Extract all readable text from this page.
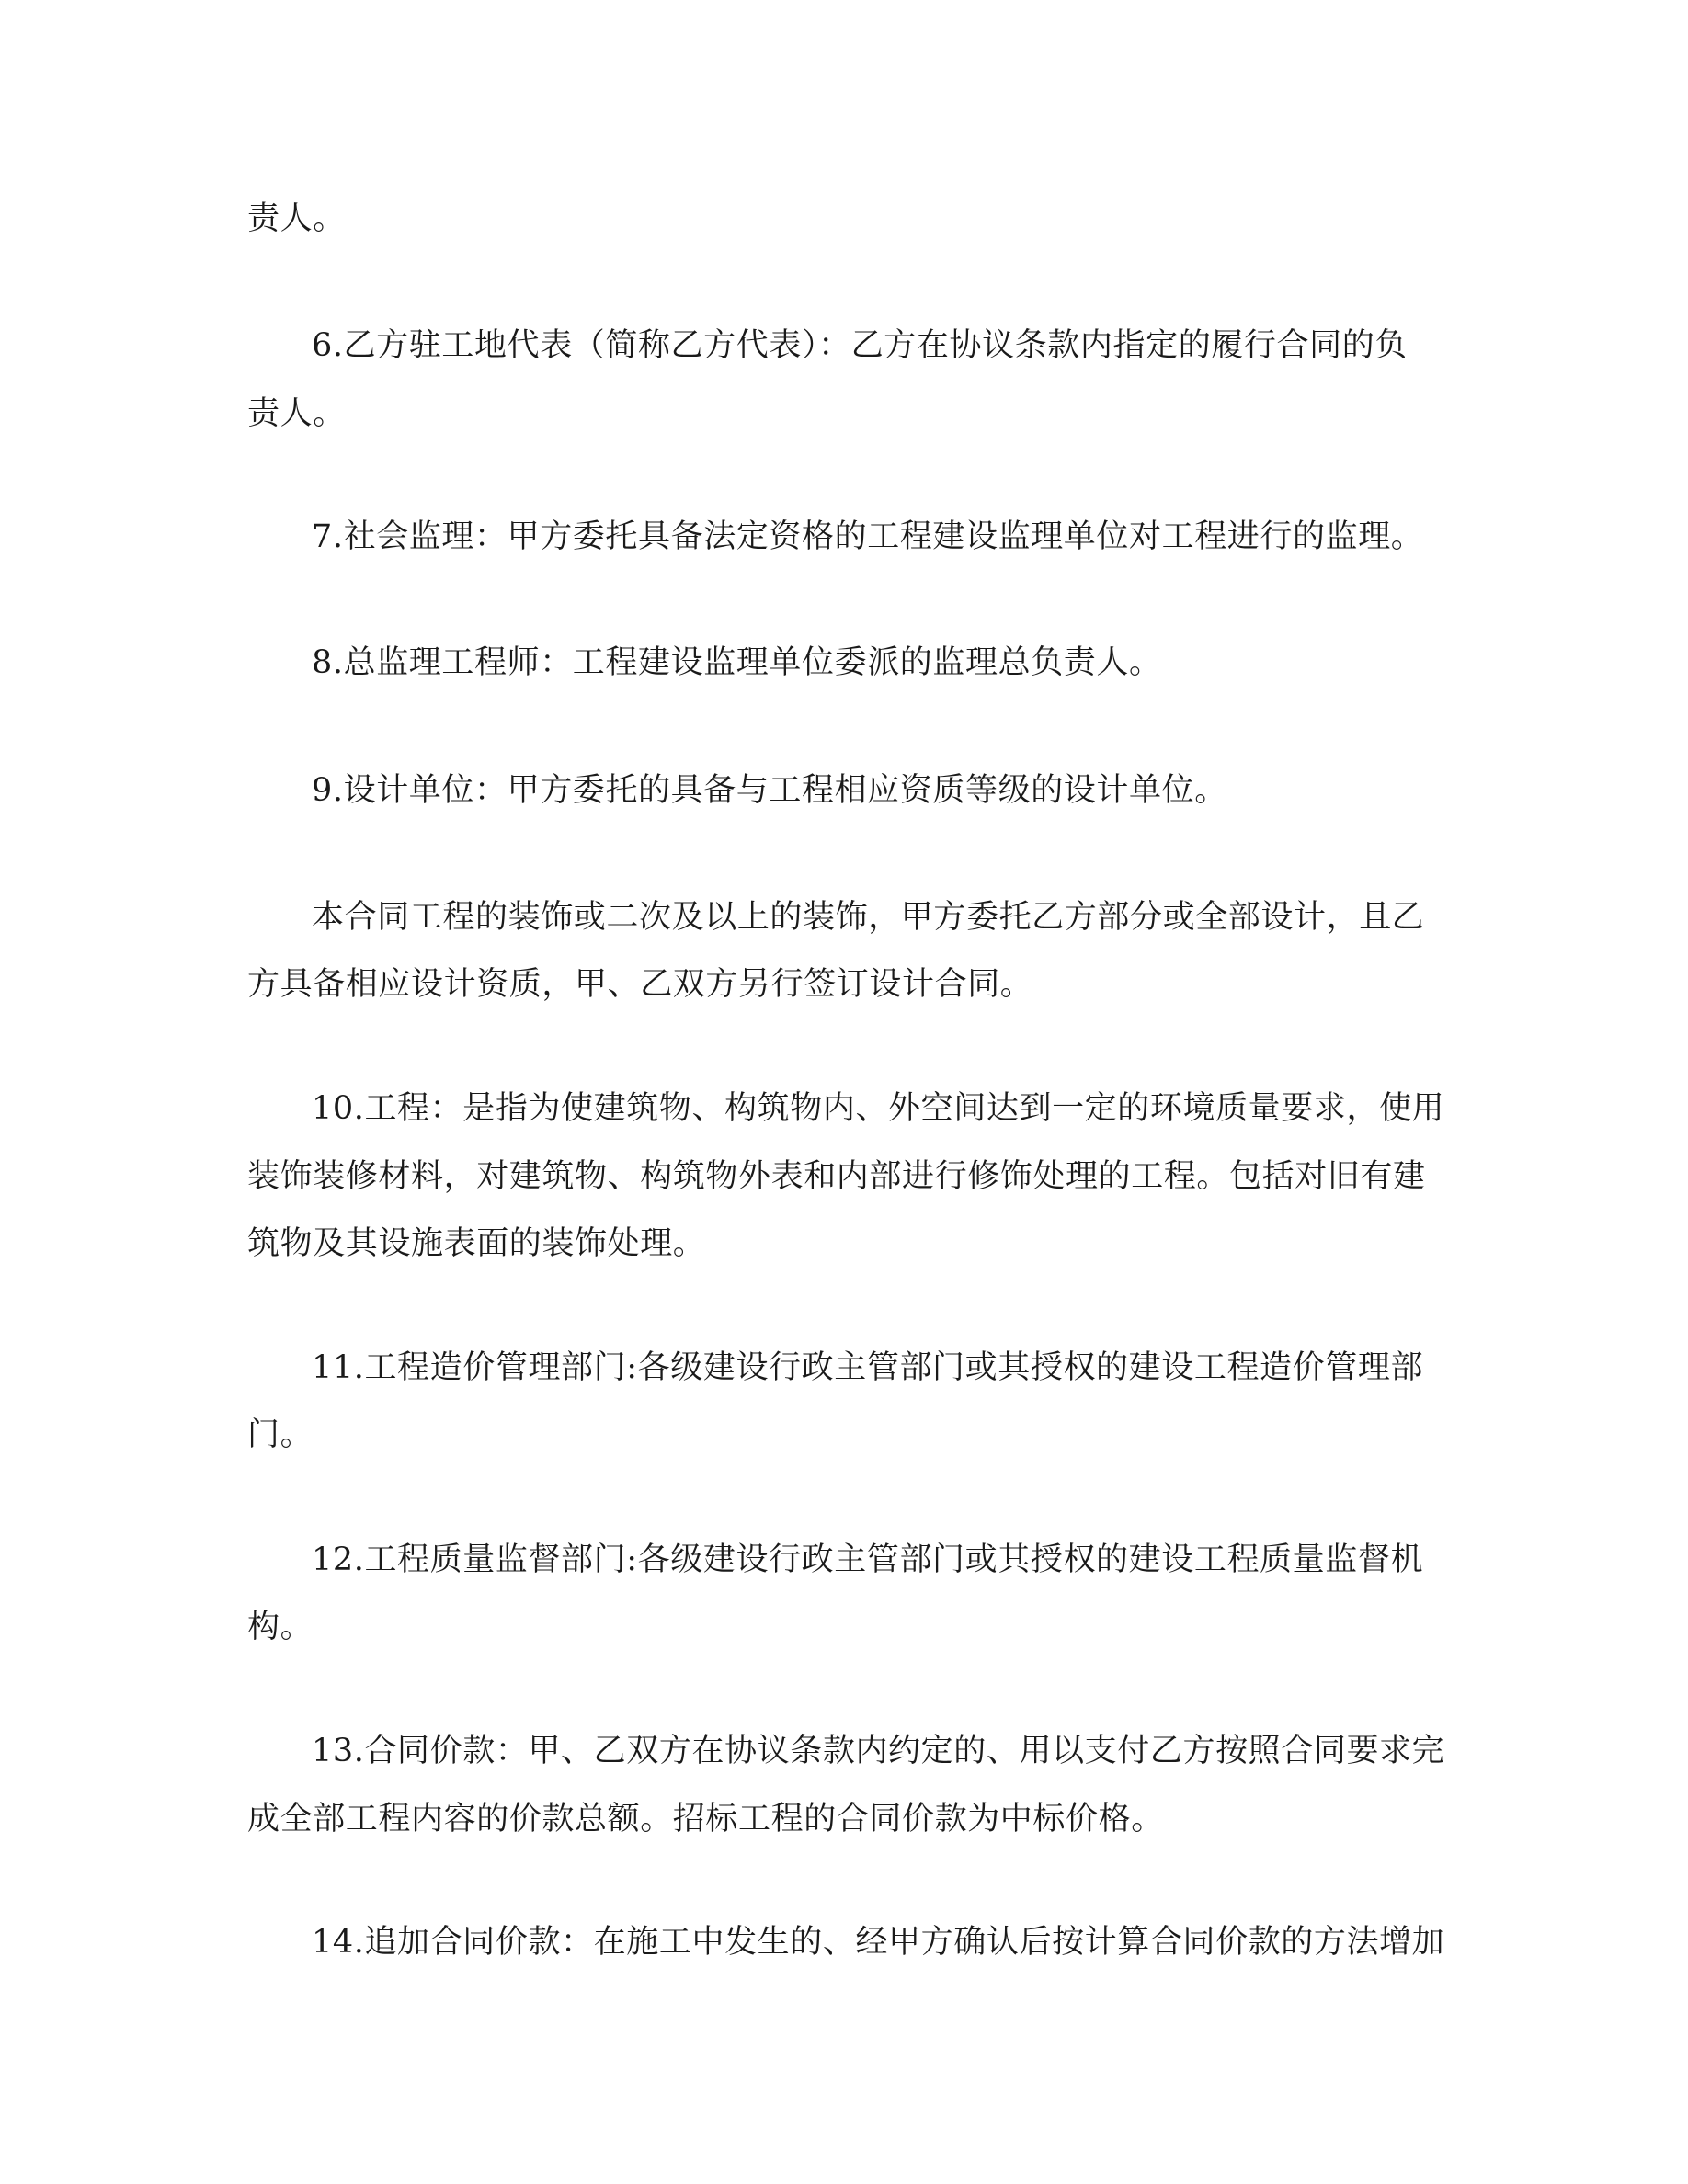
责人。
6.乙方驻工地代表（简称乙方代表）：乙方在协议条款内指定的履行合同的负
责人。
7.社会监理：甲方委托具备法定资格的工程建设监理单位对工程进行的监理。
8.总监理工程师：工程建设监理单位委派的监理总负责人。
9.设计单位：甲方委托的具备与工程相应资质等级的设计单位。
本合同工程的装饰或二次及以上的装饰，甲方委托乙方部分或全部设计，且乙
方具备相应设计资质，甲、乙双方另行签订设计合同。
10.工程：是指为使建筑物、构筑物内、外空间达到一定的环境质量要求，使用
装饰装修材料，对建筑物、构筑物外表和内部进行修饰处理的工程。包括对旧有建
筑物及其设施表面的装饰处理。
11.工程造价管理部门:各级建设行政主管部门或其授权的建设工程造价管理部
门。
12.工程质量监督部门:各级建设行政主管部门或其授权的建设工程质量监督机
构。
13.合同价款：甲、乙双方在协议条款内约定的、用以支付乙方按照合同要求完
成全部工程内容的价款总额。招标工程的合同价款为中标价格。
14.追加合同价款：在施工中发生的、经甲方确认后按计算合同价款的方法增加
